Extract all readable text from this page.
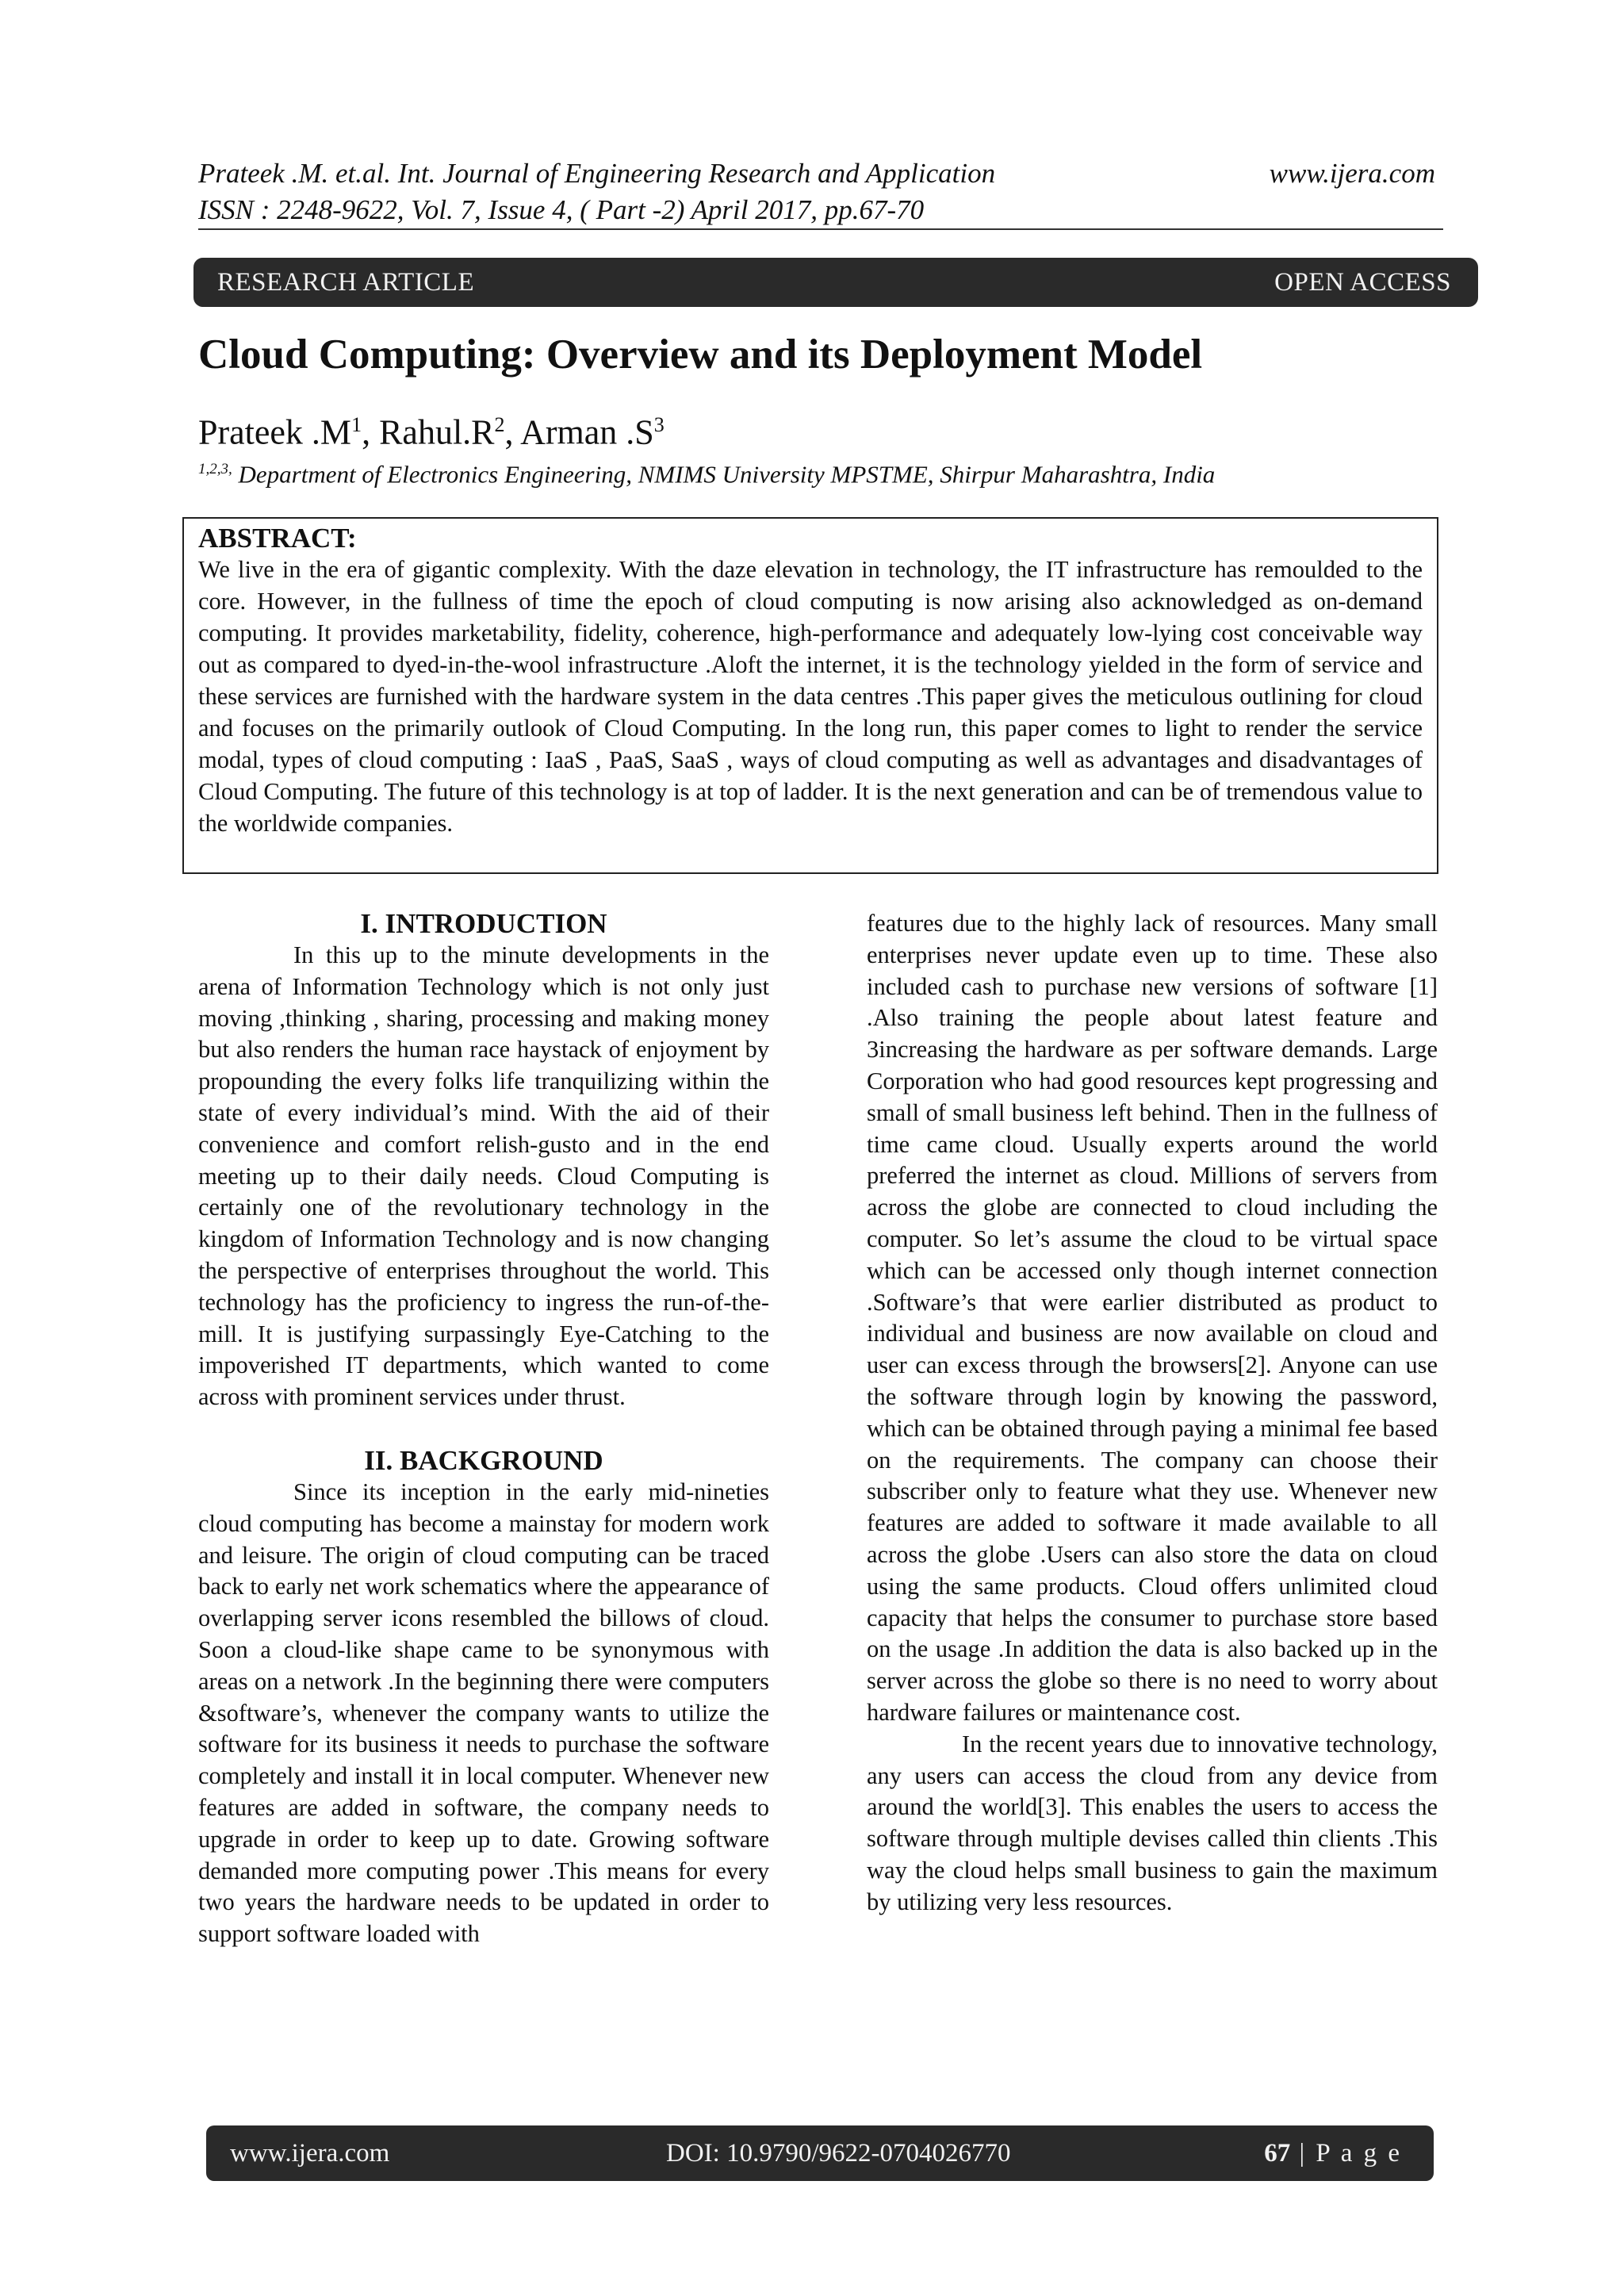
Prateek .M. et.al. Int. Journal of Engineering Research and Application
ISSN : 2248-9622, Vol. 7, Issue 4, ( Part -2) April 2017, pp.67-70
www.ijera.com
RESEARCH ARTICLE	OPEN ACCESS
Cloud Computing: Overview and its Deployment Model
Prateek $.M^1$, $Rahul.R^2$, Arman $.S^3$
$^{1,2,3,}$ Department of Electronics Engineering, NMIMS University MPSTME, Shirpur Maharashtra, India
ABSTRACT:

We live in the era of gigantic complexity. With the daze elevation in technology, the IT infrastructure has remoulded to the core. However, in the fullness of time the epoch of cloud computing is now arising also acknowledged as on-demand computing. It provides marketability, fidelity, coherence, high-performance and adequately low-lying cost conceivable way out as compared to dyed-in-the-wool infrastructure .Aloft the internet, it is the technology yielded in the form of service and these services are furnished with the hardware system in the data centres .This paper gives the meticulous outlining for cloud and focuses on the primarily outlook of Cloud Computing. In the long run, this paper comes to light to render the service modal, types of cloud computing : IaaS , PaaS, SaaS , ways of cloud computing as well as advantages and disadvantages of Cloud Computing. The future of this technology is at top of ladder. It is the next generation and can be of tremendous value to the worldwide companies.

I. INTRODUCTION

In this up to the minute developments in the arena of Information Technology which is not only just moving ,thinking , sharing, processing and making money but also renders the human race haystack of enjoyment by propounding the every folks life tranquilizing within the state of every individual’s mind. With the aid of their convenience and comfort relish-gusto and in the end meeting up to their daily needs. Cloud Computing is certainly one of the revolutionary technology in the kingdom of Information Technology and is now changing the perspective of enterprises throughout the world. This technology has the proficiency to ingress the run-of-the-mill. It is justifying surpassingly Eye-Catching to the impoverished IT departments, which wanted to come across with prominent services under thrust.

II. BACKGROUND

Since its inception in the early mid-nineties cloud computing has become a mainstay for modern work and leisure. The origin of cloud computing can be traced back to early net work schematics where the appearance of overlapping server icons resembled the billows of cloud. Soon a cloud-like shape came to be synonymous with areas on a network .In the beginning there were computers &software’s, whenever the company wants to utilize the software for its business it needs to purchase the software completely and install it in local computer. Whenever new features are added in software, the company needs to upgrade in order to keep up to date. Growing software demanded more computing power .This means for every two years the hardware needs to be updated in order to support software loaded with

features due to the highly lack of resources. Many small enterprises never update even up to time. These also included cash to purchase new versions of software [1] .Also training the people about latest feature and 3increasing the hardware as per software demands. Large Corporation who had good resources kept progressing and small of small business left behind. Then in the fullness of time came cloud. Usually experts around the world preferred the internet as cloud. Millions of servers from across the globe are connected to cloud including the computer. So let’s assume the cloud to be virtual space which can be accessed only though internet connection .Software’s that were earlier distributed as product to individual and business are now available on cloud and user can excess through the browsers[2]. Anyone can use the software through login by knowing the password, which can be obtained through paying a minimal fee based on the requirements. The company can choose their subscriber only to feature what they use. Whenever new features are added to software it made available to all across the globe .Users can also store the data on cloud using the same products. Cloud offers unlimited cloud capacity that helps the consumer to purchase store based on the usage .In addition the data is also backed up in the server across the globe so there is no need to worry about hardware failures or maintenance cost.

In the recent years due to innovative technology, any users can access the cloud from any device from around the world[3]. This enables the users to access the software through multiple devises called thin clients .This way the cloud helps small business to gain the maximum by utilizing very less resources.

www.ijera.com	DOI: 10.9790/9622-0704026770	67 | P a g e
